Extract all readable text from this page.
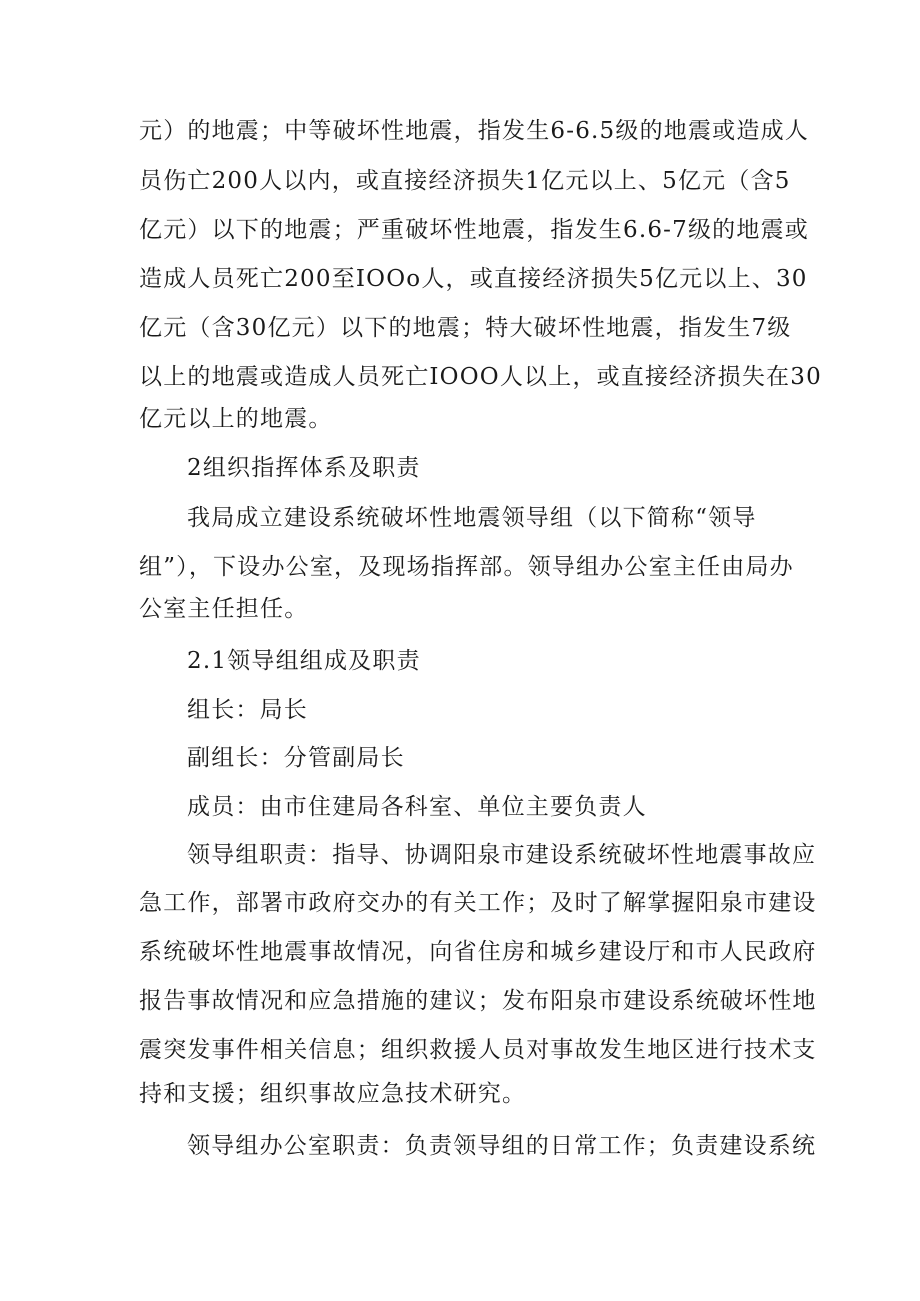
元）的地震；中等破坏性地震，指发生6-6.5级的地震或造成人
员伤亡200人以内，或直接经济损失1亿元以上、5亿元（含5
亿元）以下的地震；严重破坏性地震，指发生6.6-7级的地震或
造成人员死亡200至IOOo人，或直接经济损失5亿元以上、30
亿元（含30亿元）以下的地震；特大破坏性地震，指发生7级
以上的地震或造成人员死亡IOOO人以上，或直接经济损失在30
亿元以上的地震。
2组织指挥体系及职责
我局成立建设系统破坏性地震领导组（以下简称“领导
组”），下设办公室，及现场指挥部。领导组办公室主任由局办
公室主任担任。
2.1领导组组成及职责
组长：局长
副组长：分管副局长
成员：由市住建局各科室、单位主要负责人
领导组职责：指导、协调阳泉市建设系统破坏性地震事故应
急工作，部署市政府交办的有关工作；及时了解掌握阳泉市建设
系统破坏性地震事故情况，向省住房和城乡建设厅和市人民政府
报告事故情况和应急措施的建议；发布阳泉市建设系统破坏性地
震突发事件相关信息；组织救援人员对事故发生地区进行技术支
持和支援；组织事故应急技术研究。
领导组办公室职责：负责领导组的日常工作；负责建设系统
